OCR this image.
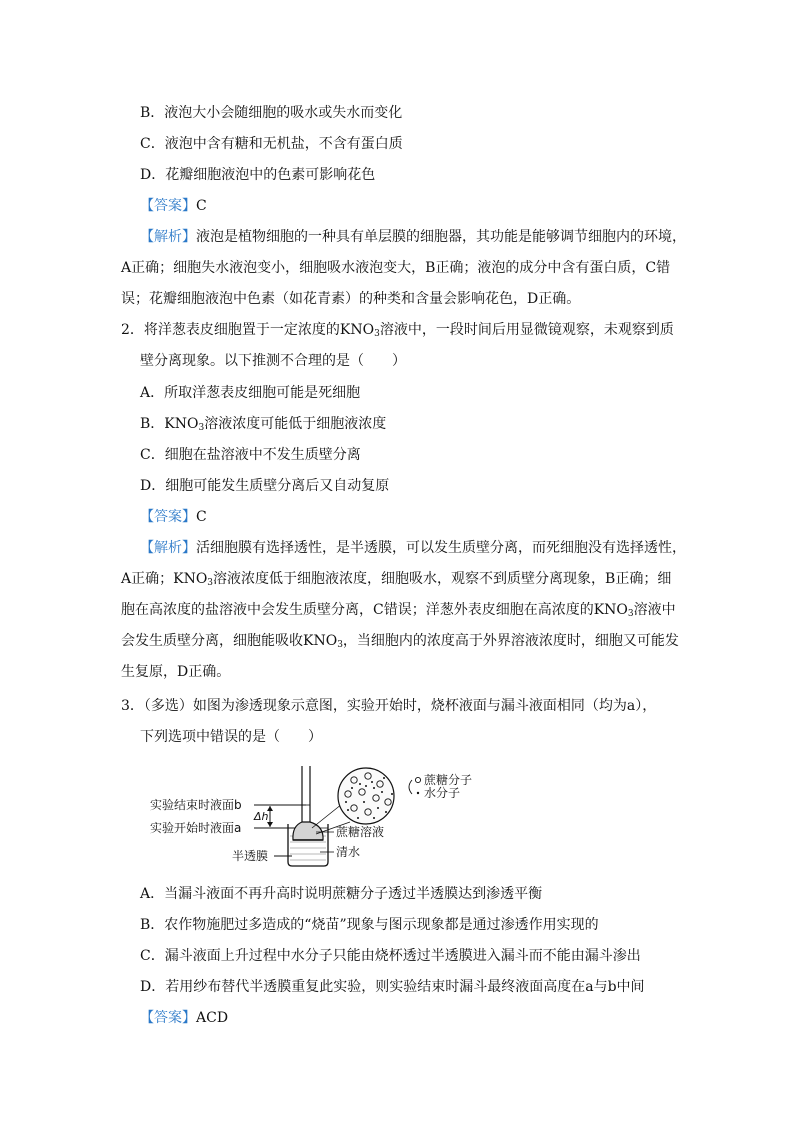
B．液泡大小会随细胞的吸水或失水而变化
C．液泡中含有糖和无机盐，不含有蛋白质
D．花瓣细胞液泡中的色素可影响花色
【答案】C
【解析】液泡是植物细胞的一种具有单层膜的细胞器，其功能是能够调节细胞内的环境，
A正确；细胞失水液泡变小，细胞吸水液泡变大，B正确；液泡的成分中含有蛋白质，C错
误；花瓣细胞液泡中色素（如花青素）的种类和含量会影响花色，D正确。
2．将洋葱表皮细胞置于一定浓度的$KNO_3$溶液中，一段时间后用显微镜观察，未观察到质
壁分离现象。以下推测不合理的是（　　）
A．所取洋葱表皮细胞可能是死细胞
B．$KNO_3$溶液浓度可能低于细胞液浓度
C．细胞在盐溶液中不发生质壁分离
D．细胞可能发生质壁分离后又自动复原
【答案】C
【解析】活细胞膜有选择透性，是半透膜，可以发生质壁分离，而死细胞没有选择透性，
A正确；$KNO_3$溶液浓度低于细胞液浓度，细胞吸水，观察不到质壁分离现象，B正确；细
胞在高浓度的盐溶液中会发生质壁分离，C错误；洋葱外表皮细胞在高浓度的$KNO_3$溶液中
会发生质壁分离，细胞能吸收$KNO_3$，当细胞内的浓度高于外界溶液浓度时，细胞又可能发
生复原，D正确。
3．（多选）如图为渗透现象示意图，实验开始时，烧杯液面与漏斗液面相同（均为a），
下列选项中错误的是（　　）
实验结束时液面b
实验开始时液面a
半透膜
Δh
蔗糖分子
水分子
蔗糖溶液
清水
A．当漏斗液面不再升高时说明蔗糖分子透过半透膜达到渗透平衡
B．农作物施肥过多造成的“烧苗”现象与图示现象都是通过渗透作用实现的
C．漏斗液面上升过程中水分子只能由烧杯透过半透膜进入漏斗而不能由漏斗渗出
D．若用纱布替代半透膜重复此实验，则实验结束时漏斗最终液面高度在a与b中间
【答案】ACD
